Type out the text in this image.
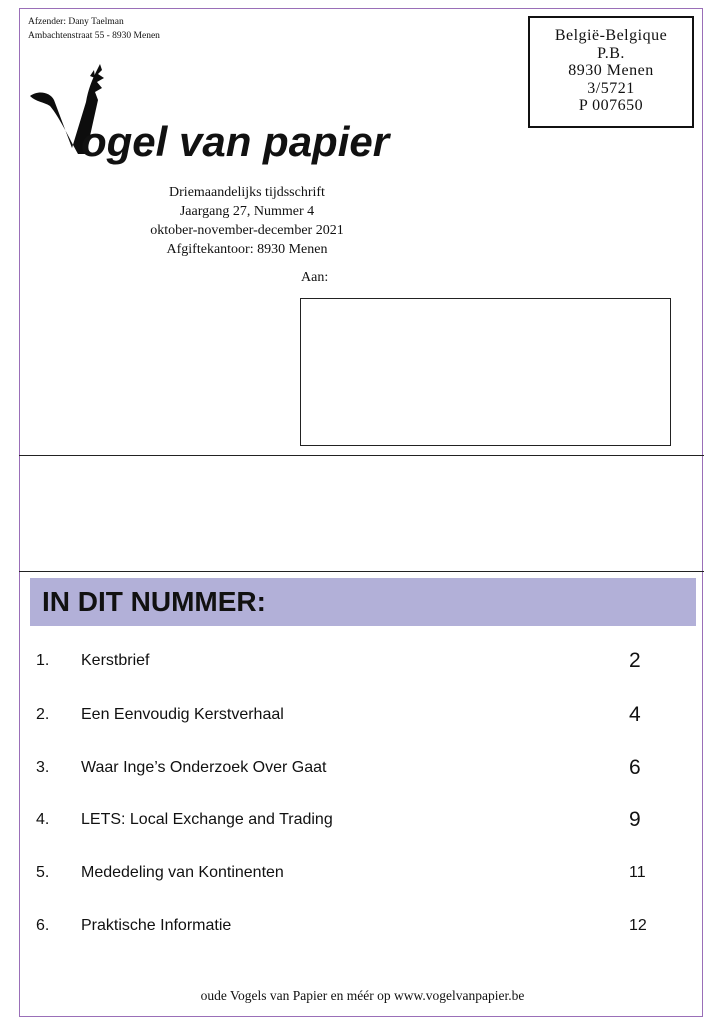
Afzender: Dany Taelman
Ambachtenstraat 55 - 8930 Menen	België-Belgique
P.B.
8930 Menen
3/5721
P 007650
ogel van papier
Driemaandelijks tijdsschrift
Jaargang 27, Nummer 4
oktober-november-december 2021
Afgiftekantoor: 8930 Menen
Aan:
IN DIT NUMMER:
1. Kerstbrief	2
2. Een Eenvoudig Kerstverhaal	4
3. Waar Inge’s Onderzoek Over Gaat	6
4. LETS: Local Exchange and Trading	9
5. Mededeling van Kontinenten	11
6. Praktische Informatie	12
oude Vogels van Papier en méér op www.vogelvanpapier.be
